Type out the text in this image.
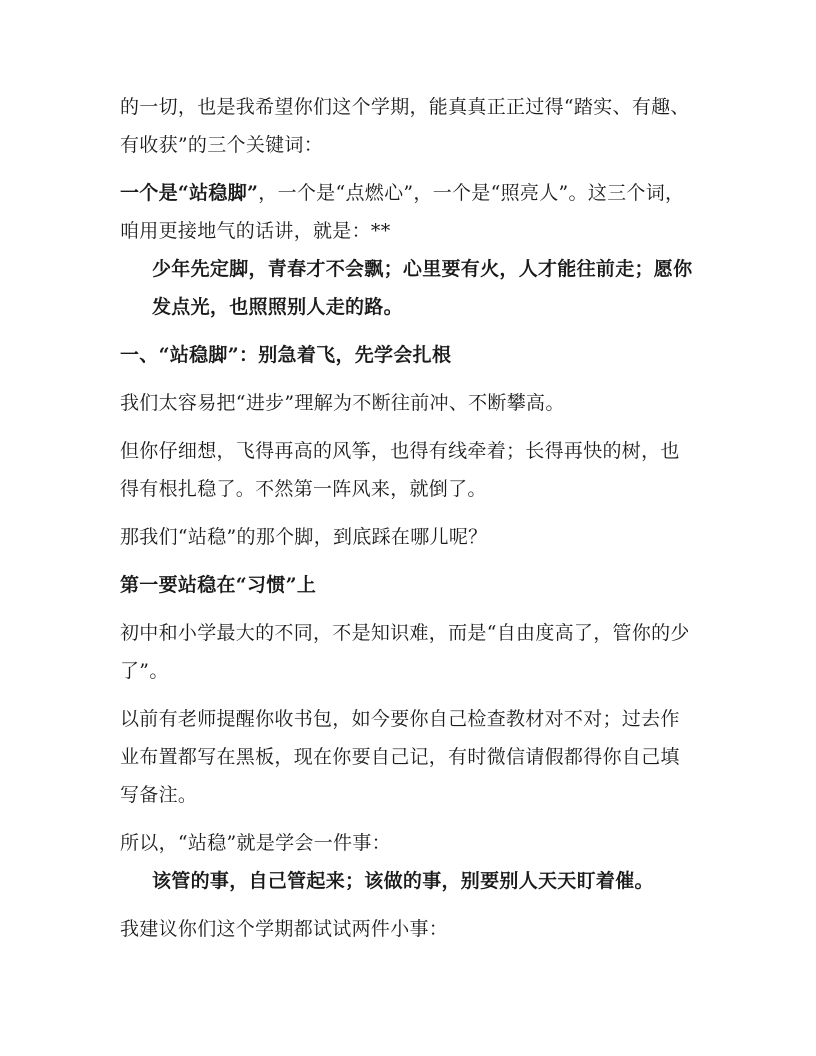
的一切，也是我希望你们这个学期，能真真正正过得“踏实、有趣、有收获”的三个关键词：

一个是“站稳脚”，一个是“点燃心”，一个是“照亮人”。这三个词，咱用更接地气的话讲，就是：**

少年先定脚，青春才不会飘；心里要有火，人才能往前走；愿你发点光，也照照别人走的路。

一、“站稳脚”：别急着飞，先学会扎根

我们太容易把“进步”理解为不断往前冲、不断攀高。

但你仔细想，飞得再高的风筝，也得有线牵着；长得再快的树，也得有根扎稳了。不然第一阵风来，就倒了。

那我们“站稳”的那个脚，到底踩在哪儿呢？

第一要站稳在“习惯”上

初中和小学最大的不同，不是知识难，而是“自由度高了，管你的少了”。

以前有老师提醒你收书包，如今要你自己检查教材对不对；过去作业布置都写在黑板，现在你要自己记，有时微信请假都得你自己填写备注。

所以，“站稳”就是学会一件事：

该管的事，自己管起来；该做的事，别要别人天天盯着催。

我建议你们这个学期都试试两件小事：
